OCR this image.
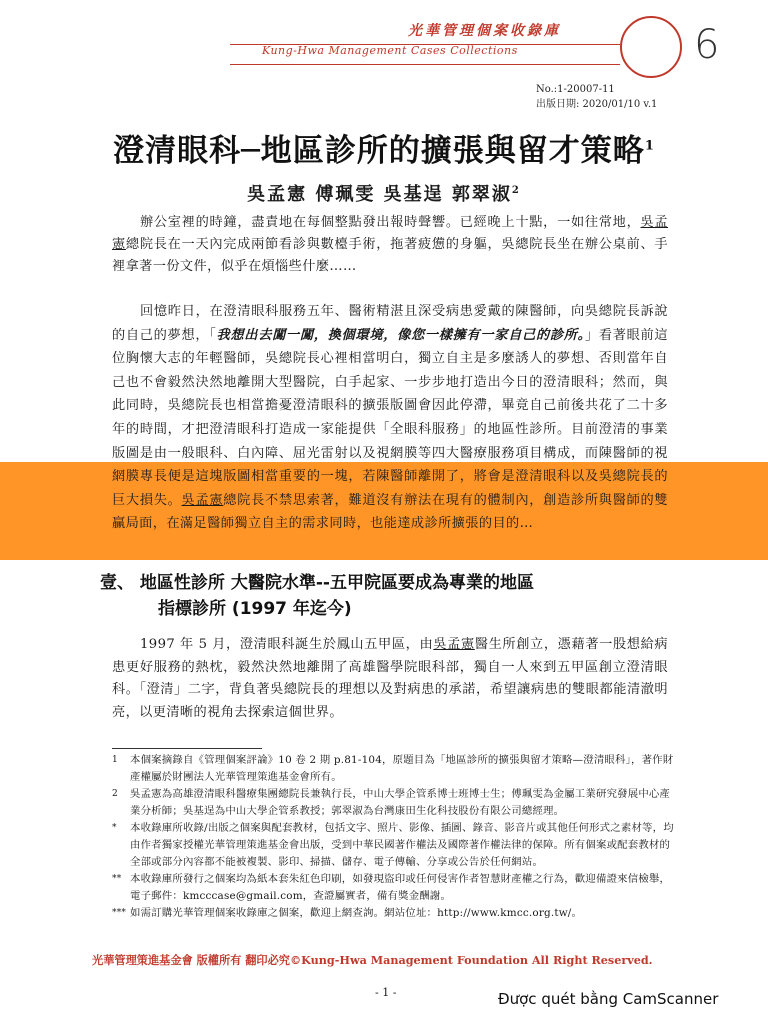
光華管理個案收錄庫
Kung-Hwa Management Cases Collections	6
No.:1-20007-11
出版日期: 2020/01/10 v.1
澄清眼科─地區診所的擴張與留才策略$^1$
吳孟憲 傅珮雯 吳基逞 郭翠淑$^2$

辦公室裡的時鐘，盡責地在每個整點發出報時聲響。已經晚上十點，一如往常地，吳孟憲總院長在一天內完成兩節看診與數檯手術，拖著疲憊的身軀，吳總院長坐在辦公桌前、手裡拿著一份文件，似乎在煩惱些什麼……

回憶昨日，在澄清眼科服務五年、醫術精湛且深受病患愛戴的陳醫師，向吳總院長訴說的自己的夢想，「我想出去闖一闖，換個環境，像您一樣擁有一家自己的診所。」看著眼前這位胸懷大志的年輕醫師，吳總院長心裡相當明白，獨立自主是多麼誘人的夢想、否則當年自己也不會毅然決然地離開大型醫院，白手起家、一步步地打造出今日的澄清眼科；然而，與此同時，吳總院長也相當擔憂澄清眼科的擴張版圖會因此停滯，畢竟自己前後共花了二十多年的時間，才把澄清眼科打造成一家能提供「全眼科服務」的地區性診所。目前澄清的事業版圖是由一般眼科、白內障、屈光雷射以及視網膜等四大醫療服務項目構成，而陳醫師的視網膜專長便是這塊版圖相當重要的一塊，若陳醫師離開了，將會是澄清眼科以及吳總院長的巨大損失。吳孟憲總院長不禁思索著，難道沒有辦法在現有的體制內，創造診所與醫師的雙贏局面，在滿足醫師獨立自主的需求同時，也能達成診所擴張的目的…

壹、 地區性診所 大醫院水準--五甲院區要成為專業的地區
指標診所 (1997 年迄今)

1997 年 5 月，澄清眼科誕生於鳳山五甲區，由吳孟憲醫生所創立，憑藉著一股想給病患更好服務的熱枕，毅然決然地離開了高雄醫學院眼科部，獨自一人來到五甲區創立澄清眼科。「澄清」二字，背負著吳總院長的理想以及對病患的承諾，希望讓病患的雙眼都能清澈明亮，以更清晰的視角去探索這個世界。

1	本個案摘錄自《管理個案評論》10 卷 2 期 p.81-104，原題目為「地區診所的擴張與留才策略—澄清眼科」，著作財產權屬於財團法人光華管理策進基金會所有。
2	吳孟憲為高雄澄清眼科醫療集團總院長兼執行長，中山大學企管系博士班博士生；傅珮雯為金屬工業研究發展中心產業分析師；吳基逞為中山大學企管系教授；郭翠淑為台灣康田生化科技股份有限公司總經理。
*	本收錄庫所收錄/出版之個案與配套教材，包括文字、照片、影像、插圖、錄音、影音片或其他任何形式之素材等，均由作者獨家授權光華管理策進基金會出版，受到中華民國著作權法及國際著作權法律的保障。所有個案或配套教材的全部或部分內容都不能被複製、影印、掃描、儲存、電子傳輸、分享或公告於任何網站。
** 本收錄庫所發行之個案均為紙本套朱紅色印刷，如發現盜印或任何侵害作者智慧財產權之行為，歡迎備證來信檢舉，電子郵件：kmcccase@gmail.com，查證屬實者，備有獎金酬謝。
*** 如需訂購光華管理個案收錄庫之個案，歡迎上網查詢。網站位址：http://www.kmcc.org.tw/。
光華管理策進基金會 版權所有 翻印必究©Kung-Hwa Management Foundation All Right Reserved.
- 1 -	Được quét bằng CamScanner
